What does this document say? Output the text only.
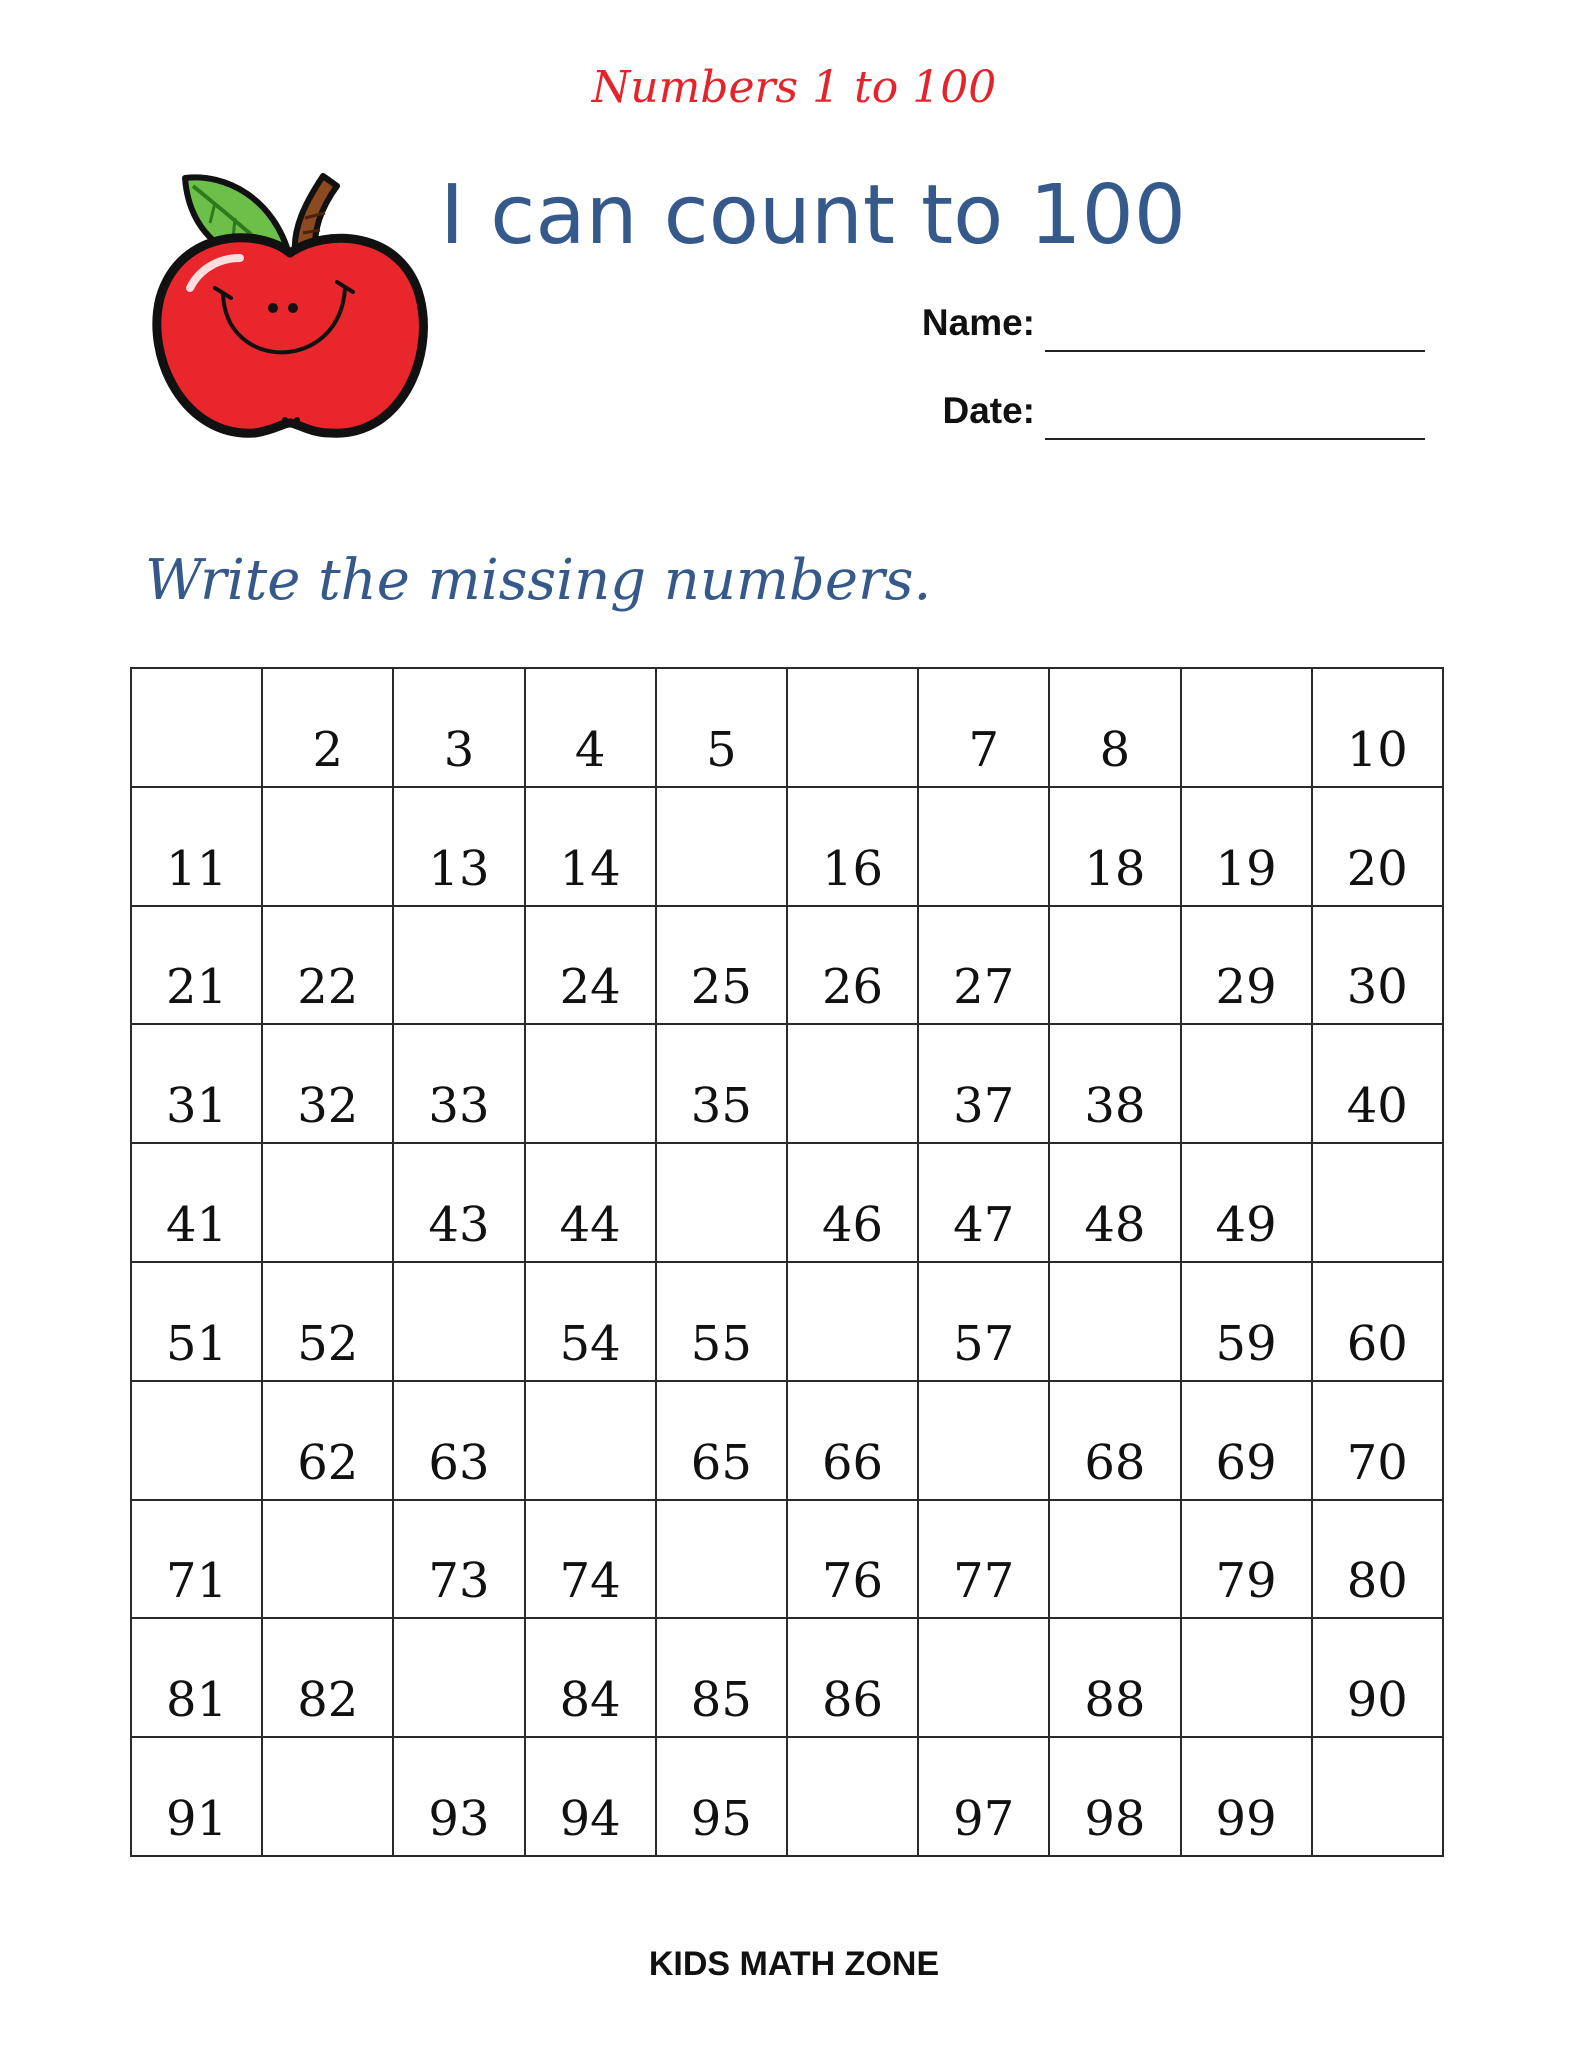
Numbers 1 to 100
I can count to 100
Name:
Date:
Write the missing numbers.
	2	3	4	5		7	8		10
11		13	14		16		18	19	20
21	22		24	25	26	27		29	30
31	32	33		35		37	38		40
41		43	44		46	47	48	49	
51	52		54	55		57		59	60
	62	63		65	66		68	69	70
71		73	74		76	77		79	80
81	82		84	85	86		88		90
91		93	94	95		97	98	99	
KIDS MATH ZONE
